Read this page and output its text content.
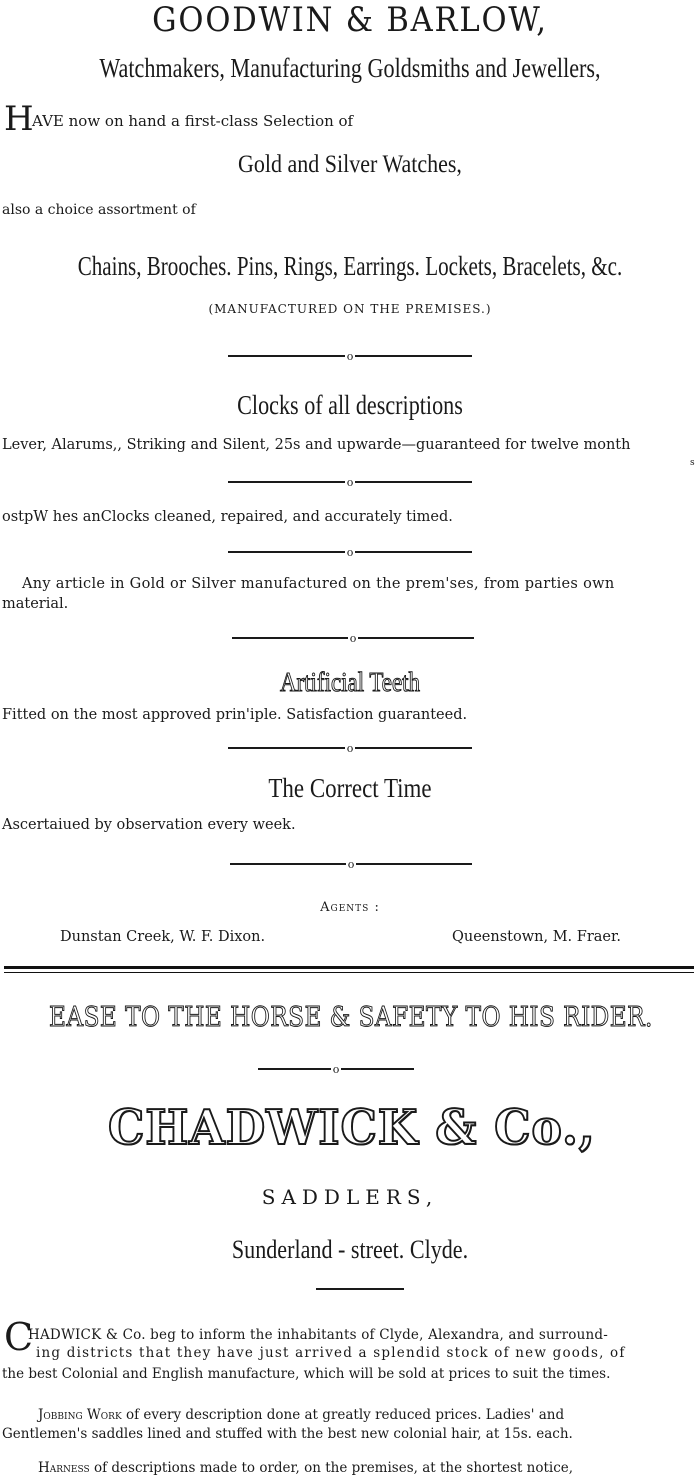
GOODWIN & BARLOW,
Watchmakers, Manufacturing Goldsmiths and Jewellers,
H
AVE now on hand a first-class Selection of
Gold and Silver Watches,
also a choice assortment of
Chains, Brooches. Pins, Rings, Earrings. Lockets, Bracelets, &c.
(MANUFACTURED ON THE PREMISES.)
o
Clocks of all descriptions
Lever, Alarums,, Striking and Silent, 25s and upwarde—guaranteed for twelve month
s
o
ostpW hes anClocks cleaned, repaired, and accurately timed.
o
Any article in Gold or Silver manufactured on the prem'ses, from parties own
material.
o
Artificial Teeth
Fitted on the most approved prin'iple. Satisfaction guaranteed.
o
The Correct Time
Ascertaiued by observation every week.
o
Agents :
Dunstan Creek, W. F. Dixon.	Queenstown, M. Fraer.
EASE TO THE HORSE & SAFETY TO HIS RIDER.
o
CHADWICK & Co.,
SADDLERS,
Sunderland - street. Clyde.
C
HADWICK & Co. beg to inform the inhabitants of Clyde, Alexandra, and surround-
ing districts that they have just arrived a splendid stock of new goods, of
the best Colonial and English manufacture, which will be sold at prices to suit the times.
Jobbing Work of every description done at greatly reduced prices. Ladies' and
Gentlemen's saddles lined and stuffed with the best new colonial hair, at 15s. each.
Harness of descriptions made to order, on the premises, at the shortest notice,
